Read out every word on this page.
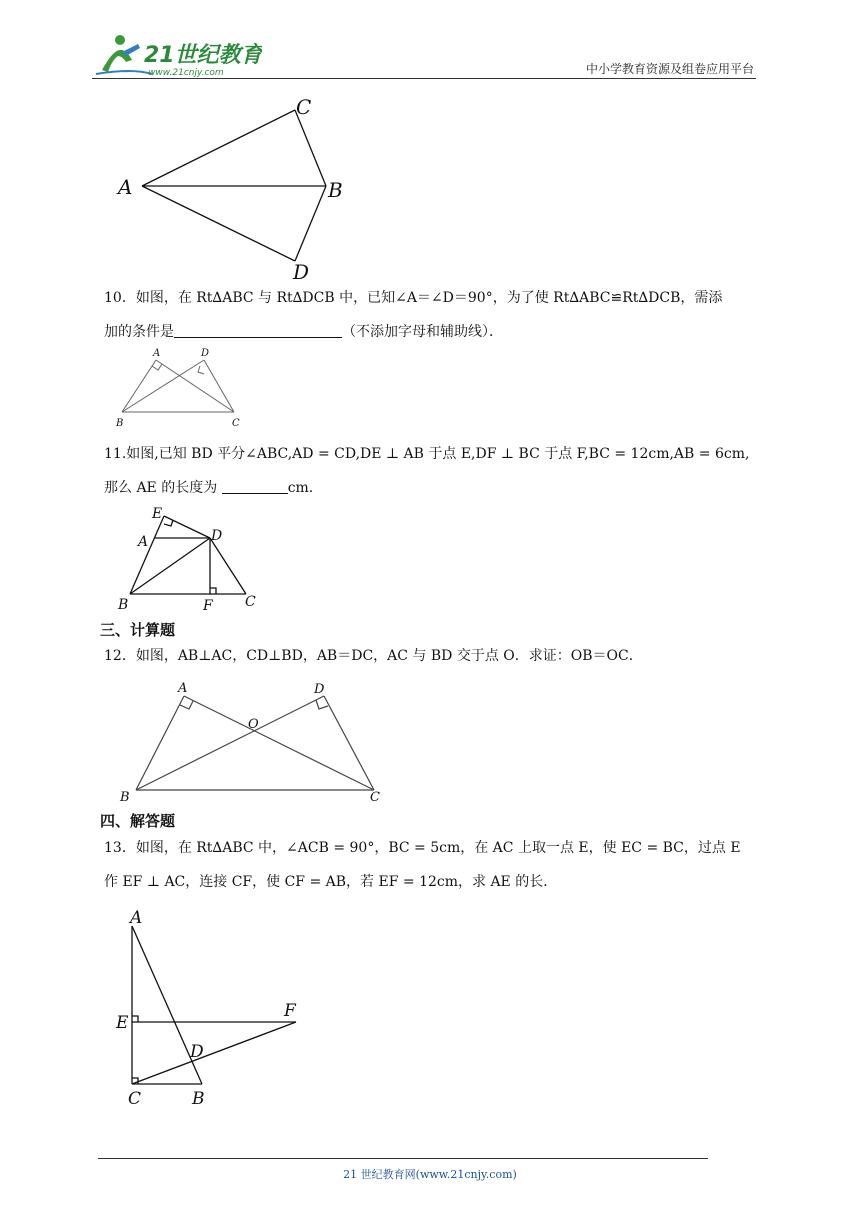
21世纪教育
www.21cnjy.com	中小学教育资源及组卷应用平台
A	B
C
D
10．如图，在 Rt∆ABC 与 Rt∆DCB 中，已知∠A＝∠D＝90°，为了使 Rt∆ABC≌Rt∆DCB，需添
加的条件是	（不添加字母和辅助线）．
A	D
B	C
11.如图,已知 BD 平分∠ABC,AD = CD,DE ⊥ AB 于点 E,DF ⊥ BC 于点 F,BC = 12cm,AB = 6cm,
那么 AE 的长度为	cm.
E
A	D
B	F C
三、计算题
12．如图，AB⊥AC，CD⊥BD，AB＝DC，AC 与 BD 交于点 O．求证：OB＝OC．
A	D
O
B	C
四、解答题
13．如图，在 Rt∆ABC 中，∠ACB = 90°，BC = 5cm，在 AC 上取一点 E，使 EC = BC，过点 E
作 EF ⊥ AC，连接 CF，使 CF = AB，若 EF = 12cm，求 AE 的长．
A
E
F
D
C	B
21 世纪教育网(www.21cnjy.com)
